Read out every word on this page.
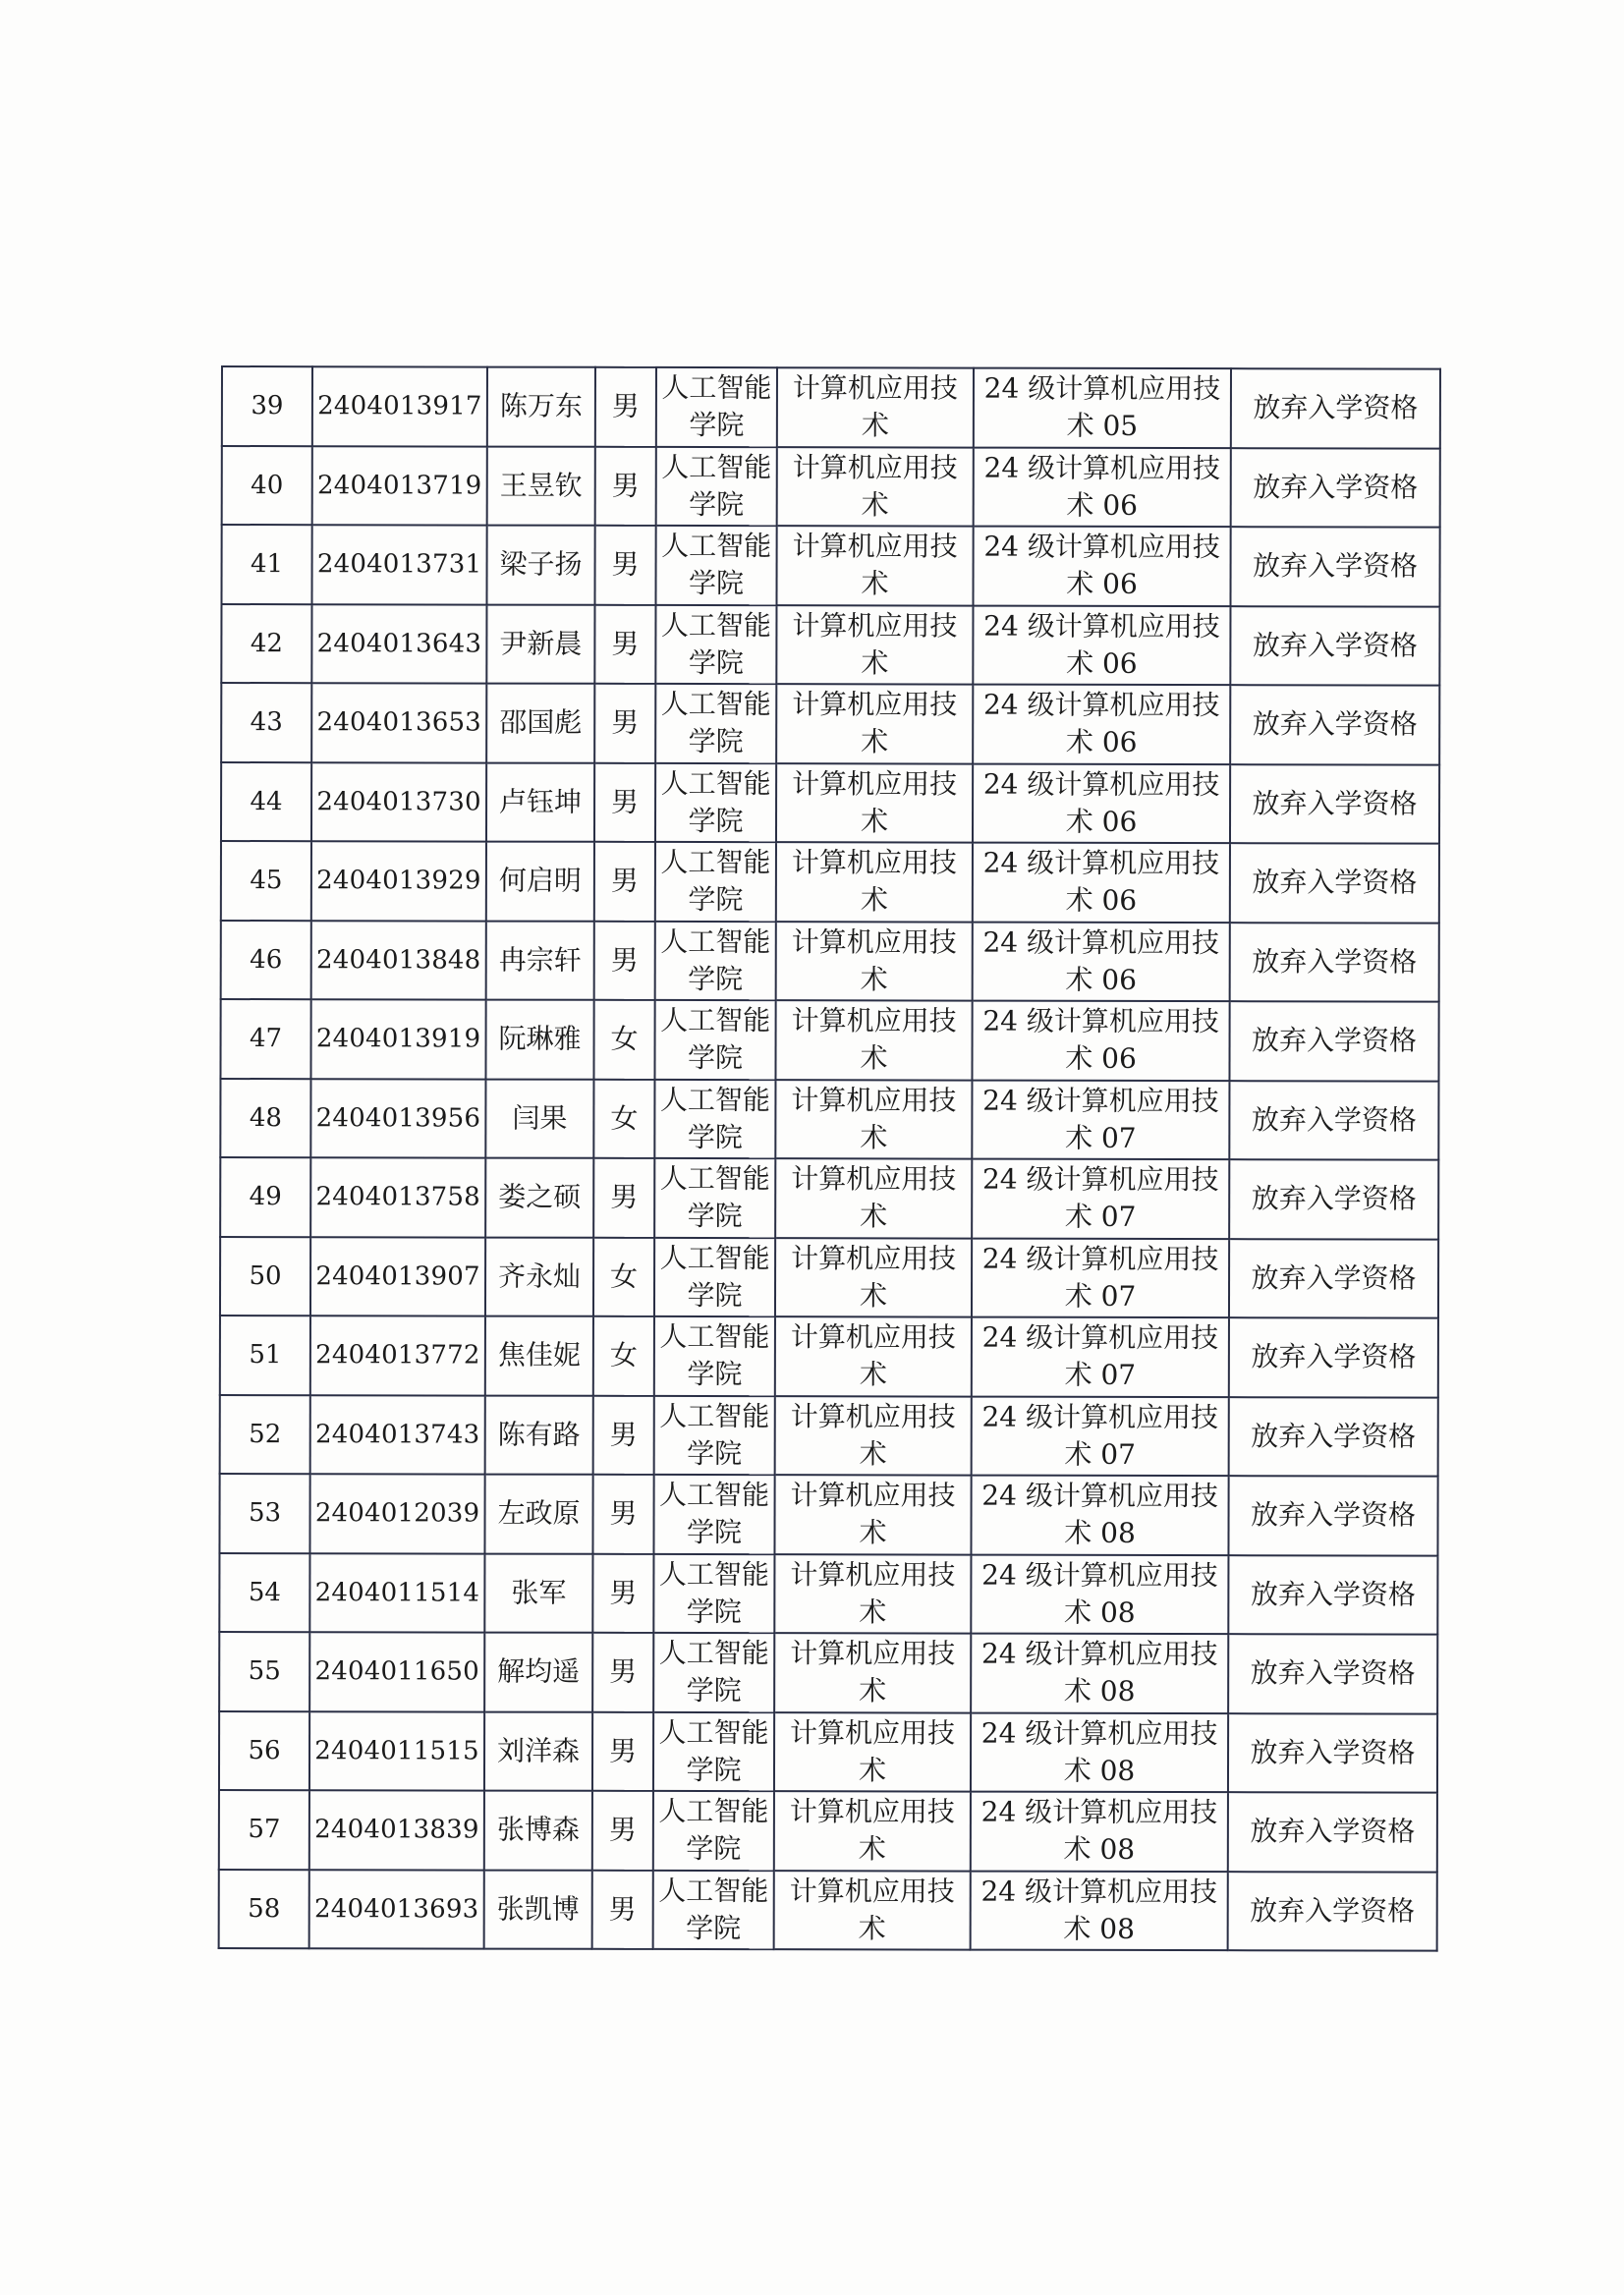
39	2404013917	陈万东	男	人工智能学院	计算机应用技术	24 级计算机应用技术 05	放弃入学资格
40	2404013719	王昱钦	男	人工智能学院	计算机应用技术	24 级计算机应用技术 06	放弃入学资格
41	2404013731	梁子扬	男	人工智能学院	计算机应用技术	24 级计算机应用技术 06	放弃入学资格
42	2404013643	尹新晨	男	人工智能学院	计算机应用技术	24 级计算机应用技术 06	放弃入学资格
43	2404013653	邵国彪	男	人工智能学院	计算机应用技术	24 级计算机应用技术 06	放弃入学资格
44	2404013730	卢钰坤	男	人工智能学院	计算机应用技术	24 级计算机应用技术 06	放弃入学资格
45	2404013929	何启明	男	人工智能学院	计算机应用技术	24 级计算机应用技术 06	放弃入学资格
46	2404013848	冉宗轩	男	人工智能学院	计算机应用技术	24 级计算机应用技术 06	放弃入学资格
47	2404013919	阮琳雅	女	人工智能学院	计算机应用技术	24 级计算机应用技术 06	放弃入学资格
48	2404013956	闫果	女	人工智能学院	计算机应用技术	24 级计算机应用技术 07	放弃入学资格
49	2404013758	娄之硕	男	人工智能学院	计算机应用技术	24 级计算机应用技术 07	放弃入学资格
50	2404013907	齐永灿	女	人工智能学院	计算机应用技术	24 级计算机应用技术 07	放弃入学资格
51	2404013772	焦佳妮	女	人工智能学院	计算机应用技术	24 级计算机应用技术 07	放弃入学资格
52	2404013743	陈有路	男	人工智能学院	计算机应用技术	24 级计算机应用技术 07	放弃入学资格
53	2404012039	左政原	男	人工智能学院	计算机应用技术	24 级计算机应用技术 08	放弃入学资格
54	2404011514	张军	男	人工智能学院	计算机应用技术	24 级计算机应用技术 08	放弃入学资格
55	2404011650	解均遥	男	人工智能学院	计算机应用技术	24 级计算机应用技术 08	放弃入学资格
56	2404011515	刘洋森	男	人工智能学院	计算机应用技术	24 级计算机应用技术 08	放弃入学资格
57	2404013839	张博森	男	人工智能学院	计算机应用技术	24 级计算机应用技术 08	放弃入学资格
58	2404013693	张凯博	男	人工智能学院	计算机应用技术	24 级计算机应用技术 08	放弃入学资格
